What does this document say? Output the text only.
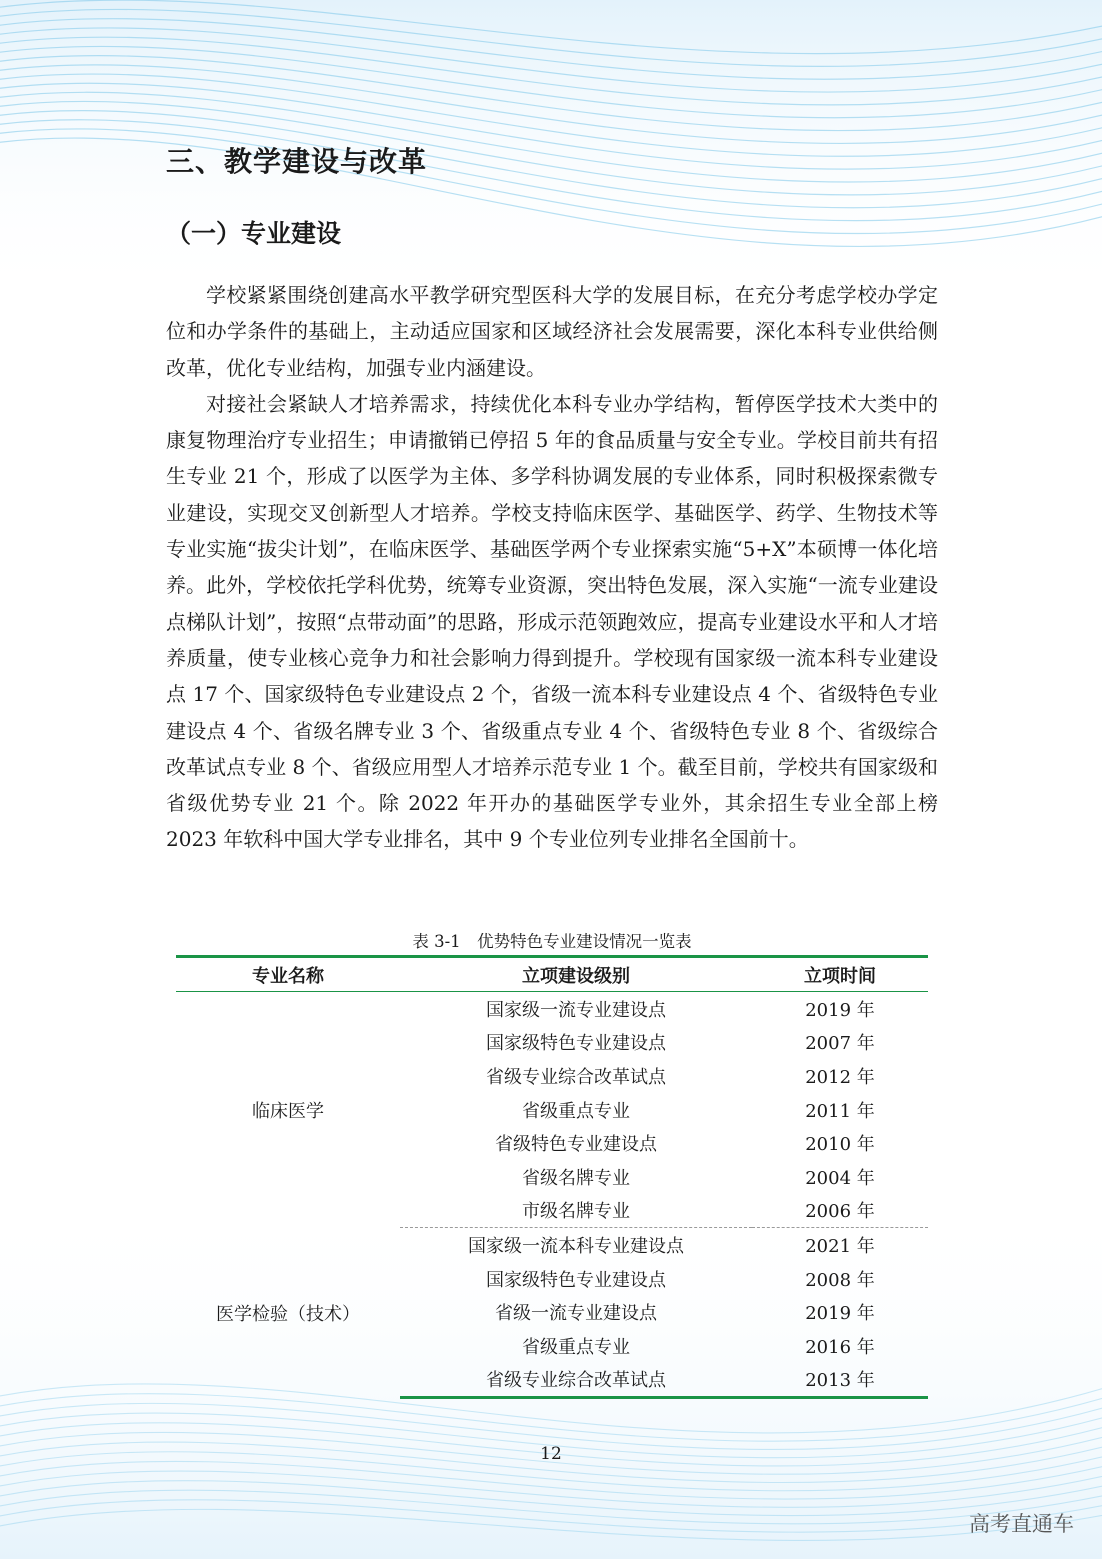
三、教学建设与改革
（一）专业建设

学校紧紧围绕创建高水平教学研究型医科大学的发展目标，在充分考虑学校办学定位和办学条件的基础上，主动适应国家和区域经济社会发展需要，深化本科专业供给侧改革，优化专业结构，加强专业内涵建设。

对接社会紧缺人才培养需求，持续优化本科专业办学结构，暂停医学技术大类中的康复物理治疗专业招生；申请撤销已停招 5 年的食品质量与安全专业。学校目前共有招生专业 21 个，形成了以医学为主体、多学科协调发展的专业体系，同时积极探索微专业建设，实现交叉创新型人才培养。学校支持临床医学、基础医学、药学、生物技术等专业实施“拔尖计划”，在临床医学、基础医学两个专业探索实施“5+X”本硕博一体化培养。此外，学校依托学科优势，统筹专业资源，突出特色发展，深入实施“一流专业建设点梯队计划”，按照“点带动面”的思路，形成示范领跑效应，提高专业建设水平和人才培养质量，使专业核心竞争力和社会影响力得到提升。学校现有国家级一流本科专业建设点 17 个、国家级特色专业建设点 2 个，省级一流本科专业建设点 4 个、省级特色专业建设点 4 个、省级名牌专业 3 个、省级重点专业 4 个、省级特色专业 8 个、省级综合改革试点专业 8 个、省级应用型人才培养示范专业 1 个。截至目前，学校共有国家级和省级优势专业 21 个。除 2022 年开办的基础医学专业外，其余招生专业全部上榜 2023 年软科中国大学专业排名，其中 9 个专业位列专业排名全国前十。

表 3-1　优势特色专业建设情况一览表
专业名称	立项建设级别	立项时间
临床医学	国家级一流专业建设点	2019 年
	国家级特色专业建设点	2007 年
	省级专业综合改革试点	2012 年
	省级重点专业	2011 年
	省级特色专业建设点	2010 年
	省级名牌专业	2004 年
	市级名牌专业	2006 年
医学检验（技术）	国家级一流本科专业建设点	2021 年
	国家级特色专业建设点	2008 年
	省级一流专业建设点	2019 年
	省级重点专业	2016 年
	省级专业综合改革试点	2013 年
12
高考直通车
